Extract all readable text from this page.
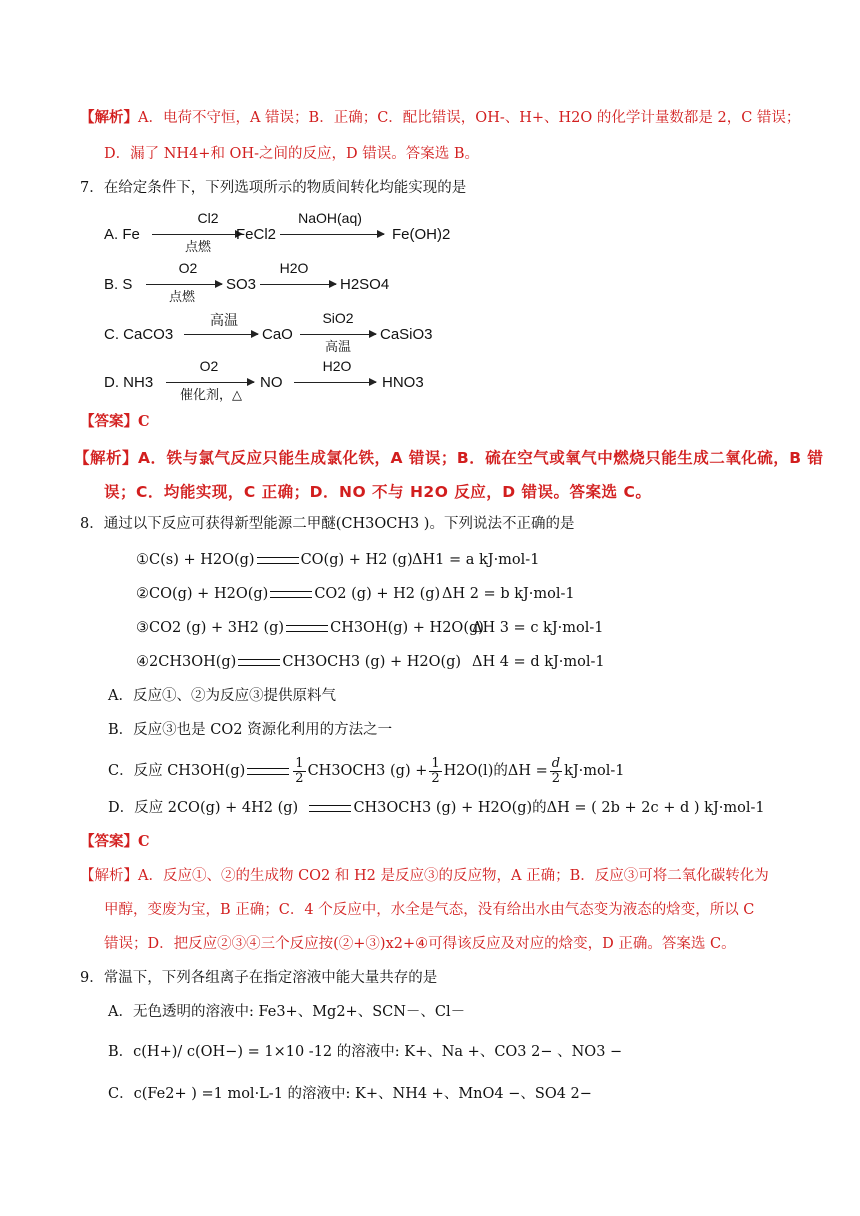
【解析】A．电荷不守恒，A 错误；B．正确；C．配比错误，OH-、H+、H2O 的化学计量数都是 2，C 错误；
D．漏了 NH4+和 OH-之间的反应，D 错误。答案选 B。
7．在给定条件下，下列选项所示的物质间转化均能实现的是
A. Fe
Cl2
点燃
FeCl2
NaOH(aq)
Fe(OH)2
B. S
O2
点燃
SO3
H2O
H2SO4
C. CaCO3
高温
CaO
SiO2
高温
CaSiO3
D. NH3
O2
催化剂，△
NO
H2O
HNO3
【答案】C
【解析】A．铁与氯气反应只能生成氯化铁，A 错误；B．硫在空气或氧气中燃烧只能生成二氧化硫，B 错
误；C．均能实现，C 正确；D．NO 不与 H2O 反应，D 错误。答案选 C。
8．通过以下反应可获得新型能源二甲醚(CH3OCH3 )。下列说法不正确的是
①C(s) + H2O(g)	CO(g) + H2 (g) ΔH1 = a kJ·mol-1
②CO(g) + H2O(g)	CO2 (g) + H2 (g) ΔH 2 = b kJ·mol-1
③CO2 (g) + 3H2 (g)	CH3OH(g) + H2O(g)
ΔH 3 = c kJ·mol-1
④2CH3OH(g)	CH3OCH3 (g) + H2O(g) ΔH 4 = d kJ·mol-1
A．反应①、②为反应③提供原料气
B．反应③也是 CO2 资源化利用的方法之一
C．反应 CH3OH(g)	$\frac{1}{2} CH3OCH3$ $(g) + \frac{1}{2} H2O(l)$的$\Delta H = \frac{d}{2} kJ\cdot mol-1$
D．反应 2CO(g) + 4H2 (g)	CH3OCH3 (g) + H2O(g)的ΔH = ( 2b + 2c + d ) kJ·mol-1
【答案】C
【解析】A．反应①、②的生成物 CO2 和 H2 是反应③的反应物，A 正确；B．反应③可将二氧化碳转化为
甲醇，变废为宝，B 正确；C．4 个反应中，水全是气态，没有给出水由气态变为液态的焓变，所以 C
错误；D．把反应②③④三个反应按(②+③)x2+④可得该反应及对应的焓变，D 正确。答案选 C。
9．常温下，下列各组离子在指定溶液中能大量共存的是
A．无色透明的溶液中: Fe3+、Mg2+、SCN－、Cl－
B．c(H+)/ c(OH−) = 1×10 -12 的溶液中: K+、Na +、CO3 2− 、NO3 −
C．c(Fe2+ ) =1 mol·L-1 的溶液中: K+、NH4 +、MnO4 −、SO4 2−
